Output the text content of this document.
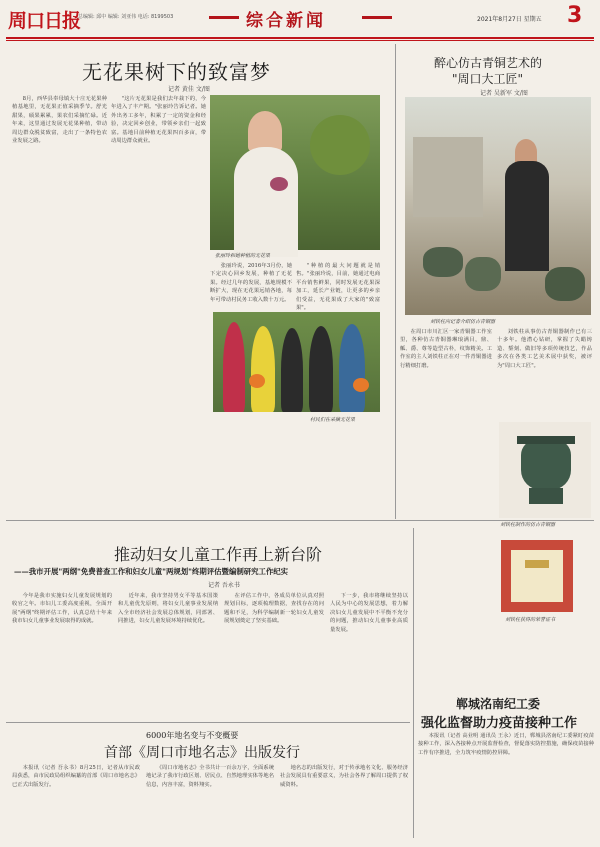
周口日报
总编辑: 邱中 编辑: 刘亚伟 电话: 8199503	综合新闻	2021年8月27日 星期五 3
无花果树下的致富梦
记者 黄佳 文/图

8月，西华县奉母镇大十庄无花果种植基地里，无花果正值采摘季节。舒光甜果，硕果累累，果农们采摘忙碌。近年来，这里通过发展无花果种植，带动周边群众脱贫致富，走出了一条特色农业发展之路。

"这片无花果是我们去年栽下的，今年进入了丰产期。"张丽玲告诉记者。她外出务工多年，积累了一定的资金和经验，决定回乡创业，带领乡亲们一起致富。基地目前种植无花果四百多亩，带动周边群众就业。

张丽玲和她种植的无花果

张丽玲说，2016年3月份，她下定决心回乡发展，种植了无花果。经过几年的发展，基地规模不断扩大，现在无花果远销各地，每年可带动村民务工收入数十万元。

"种植的最大问题就是销售。"张丽玲说，目前，她通过电商平台销售鲜果，同时发展无花果深加工，延长产业链，让更多的乡亲们受益，无花果成了大家的"致富果"。

村民们在采摘无花果
醉心仿古青铜艺术的
"周口大工匠"
记者 吴新军 文/图
刘铁柱向记者介绍仿古青铜器

在周口市川汇区一家青铜器工作室里，各种仿古青铜器琳琅满目，鼎、觚、爵、尊等造型古朴，纹饰精美。工作室的主人刘铁柱正在对一件青铜器进行精细打磨。

刘铁柱从事仿古青铜器制作已有三十多年。他潜心钻研，掌握了失蜡铸造、錾刻、做旧等多项传统技艺，作品多次在各类工艺美术展中获奖，被评为"周口大工匠"。

推动妇女儿童工作再上新台阶
——我市开展"两纲"免费普查工作和妇女儿童"两规划"终期评估暨编制研究工作纪实
记者 吾永书

今年是我市实施妇女儿童发展规划的收官之年。市妇儿工委高度重视，全面开展"两纲"终期评估工作，认真总结十年来我市妇女儿童事业发展取得的成就。

近年来，我市坚持男女平等基本国策和儿童优先原则，将妇女儿童事业发展纳入全市经济社会发展总体规划，同部署、同推进，妇女儿童发展环境持续优化。

在评估工作中，各成员单位认真对照规划目标，逐项梳理数据，查找存在的问题和不足，为科学编制新一轮妇女儿童发展规划奠定了坚实基础。

下一步，我市将继续坚持以人民为中心的发展思想，着力解决妇女儿童发展中不平衡不充分的问题，推动妇女儿童事业高质量发展。

刘铁柱制作的仿古青铜器
刘铁柱获得的荣誉证书
郸城洺南纪工委
强化监督助力疫苗接种工作

本报讯（记者 高业明 通讯员 王永）近日，郸城县洺南纪工委紧盯疫苗接种工作，深入各接种点开展监督检查，督促落实防控措施，确保疫苗接种工作有序推进，全力筑牢疫情防控屏障。

6000年地名变与不变概要
首部《周口市地名志》出版发行

本报讯（记者 吾永书）8月25日，记者从市民政局获悉，由市民政局组织编纂的首部《周口市地名志》已正式出版发行。

《周口市地名志》全书共计一百余万字，全面系统地记录了我市行政区划、居民点、自然地理实体等地名信息，内容丰富，资料翔实。

地名志的出版发行，对于传承地名文化、服务经济社会发展具有重要意义，为社会各界了解周口提供了权威资料。
